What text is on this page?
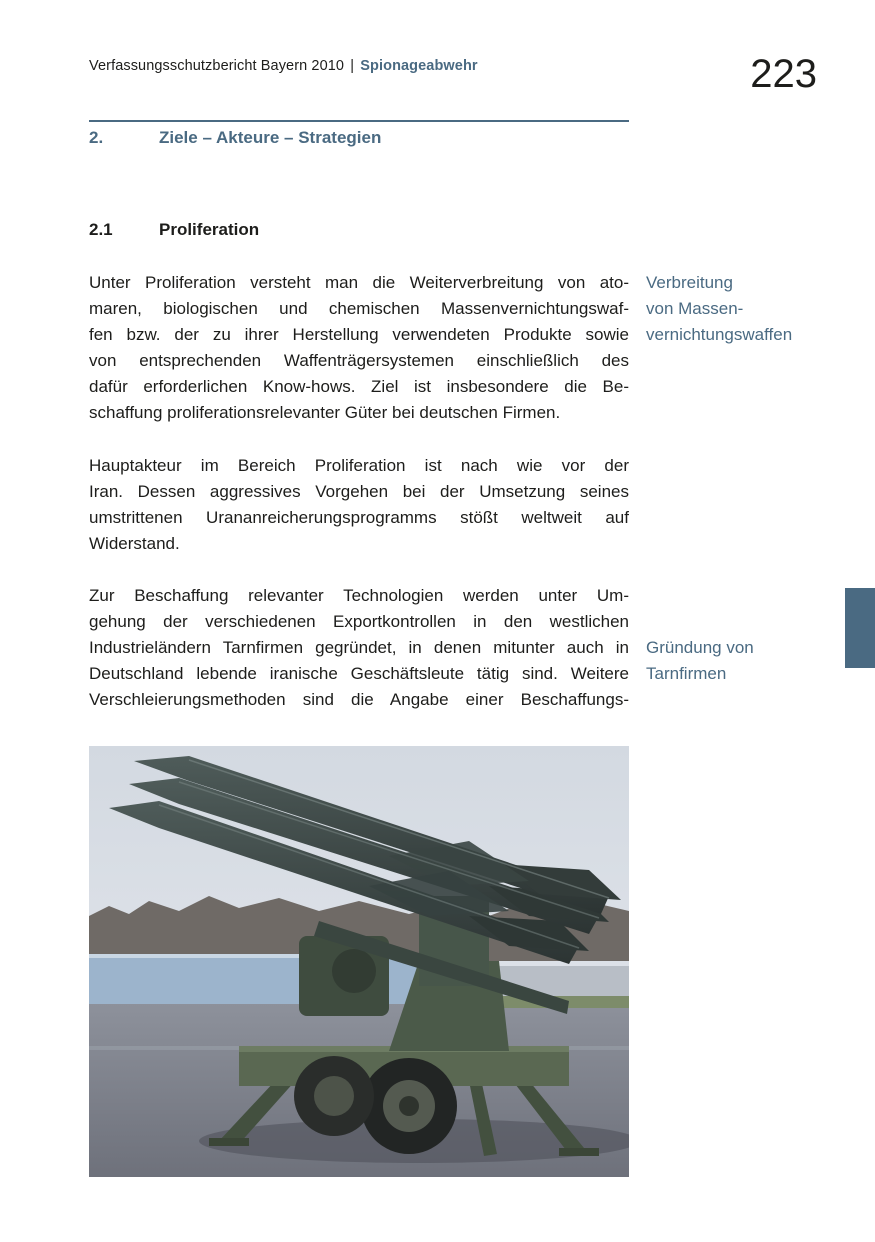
Verfassungsschutzbericht Bayern 2010 | Spionageabwehr	223
2.	Ziele – Akteure – Strategien
2.1	Proliferation

Unter Proliferation versteht man die Weiterverbreitung von ato-
maren, biologischen und chemischen Massenvernichtungswaf-
fen bzw. der zu ihrer Herstellung verwendeten Produkte sowie
von entsprechenden Waffenträgersystemen einschließlich des
dafür erforderlichen Know-hows. Ziel ist insbesondere die Be-
schaffung proliferationsrelevanter Güter bei deutschen Firmen.

Hauptakteur im Bereich Proliferation ist nach wie vor der
Iran. Dessen aggressives Vorgehen bei der Umsetzung seines
umstrittenen Urananreicherungsprogramms stößt weltweit auf
Widerstand.

Zur Beschaffung relevanter Technologien werden unter Um-
gehung der verschiedenen Exportkontrollen in den westlichen
Industrieländern Tarnfirmen gegründet, in denen mitunter auch in
Deutschland lebende iranische Geschäftsleute tätig sind. Weitere
Verschleierungsmethoden sind die Angabe einer Beschaffungs-

Verbreitung
von Massen-
vernichtungswaffen
Gründung von
Tarnfirmen
